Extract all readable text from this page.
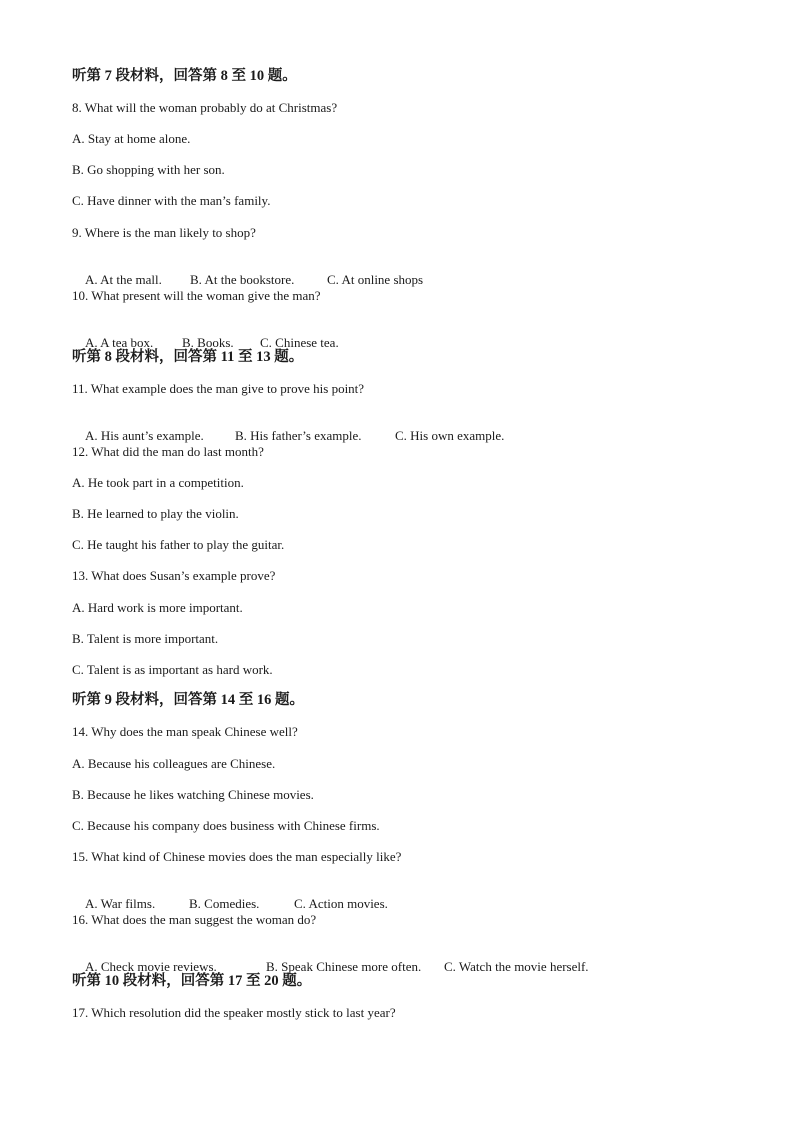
听第 7 段材料，回答第 8 至 10 题。
8. What will the woman probably do at Christmas?
A. Stay at home alone.
B. Go shopping with her son.
C. Have dinner with the man’s family.
9. Where is the man likely to shop?

A. At the mall. B. At the bookstore.	C. At online shops

10. What present will the woman give the man?

A. A tea box. B. Books. C. Chinese tea.

听第 8 段材料，回答第 11 至 13 题。
11. What example does the man give to prove his point?

A. His aunt’s example. B. His father’s example.	C. His own example.

12. What did the man do last month?
A. He took part in a competition.
B. He learned to play the violin.
C. He taught his father to play the guitar.
13. What does Susan’s example prove?
A. Hard work is more important.
B. Talent is more important.
C. Talent is as important as hard work.
听第 9 段材料，回答第 14 至 16 题。
14. Why does the man speak Chinese well?
A. Because his colleagues are Chinese.
B. Because he likes watching Chinese movies.
C. Because his company does business with Chinese firms.
15. What kind of Chinese movies does the man especially like?

A. War films.	B. Comedies.	C. Action movies.

16. What does the man suggest the woman do?

A. Check movie reviews.	B. Speak Chinese more often. C. Watch the movie herself.

听第 10 段材料，回答第 17 至 20 题。
17. Which resolution did the speaker mostly stick to last year?
